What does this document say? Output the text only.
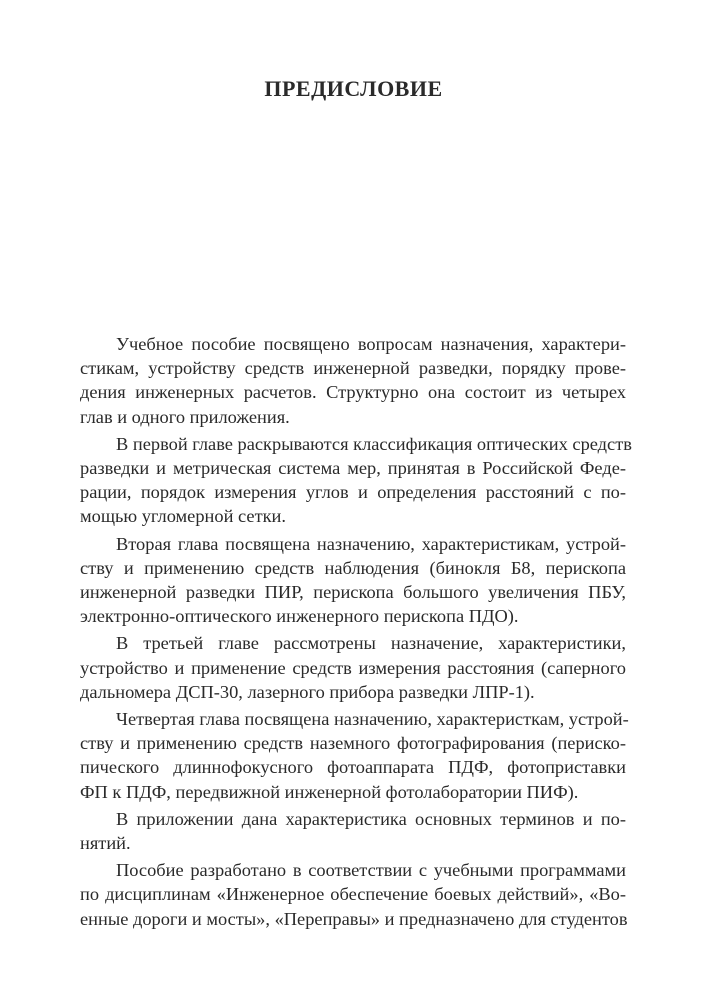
ПРЕДИСЛОВИЕ

Учебное пособие посвящено вопросам назначения, характери-
стикам, устройству средств инженерной разведки, порядку прове-
дения инженерных расчетов. Структурно она состоит из четырех
глав и одного приложения.

В первой главе раскрываются классификация оптических средств
разведки и метрическая система мер, принятая в Российской Феде-
рации, порядок измерения углов и определения расстояний с по-
мощью угломерной сетки.

Вторая глава посвящена назначению, характеристикам, устрой-
ству и применению средств наблюдения (бинокля Б8, перископа
инженерной разведки ПИР, перископа большого увеличения ПБУ,
электронно-оптического инженерного перископа ПДО).

В третьей главе рассмотрены назначение, характеристики,
устройство и применение средств измерения расстояния (саперного
дальномера ДСП-30, лазерного прибора разведки ЛПР-1).

Четвертая глава посвящена назначению, характеристкам, устрой-
ству и применению средств наземного фотографирования (периско-
пического длиннофокусного фотоаппарата ПДФ, фотоприставки
ФП к ПДФ, передвижной инженерной фотолаборатории ПИФ).

В приложении дана характеристика основных терминов и по-
нятий.

Пособие разработано в соответствии с учебными программами
по дисциплинам «Инженерное обеспечение боевых действий», «Во-
енные дороги и мосты», «Переправы» и предназначено для студентов
